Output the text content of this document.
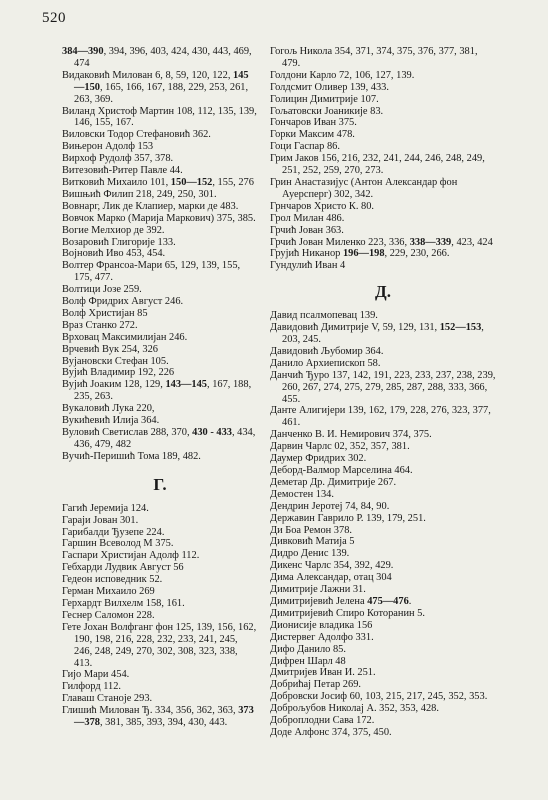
520
384—390, 394, 396, 403, 424, 430, 443, 469, 474
Видаковић Милован 6, 8, 59, 120, 122, 145—150, 165, 166, 167, 188, 229, 253, 261, 263, 369.
Виланд Христоф Мартин 108, 112, 135, 139, 146, 155, 167.
Виловски Тодор Стефановић 362.
Вињерон Адолф 153
Вирхоф Рудолф 357, 378.
Витезовић-Ритер Павле 44.
Витковић Михаило 101, 150—152, 155, 276
Вишњић Филип 218, 249, 250, 301.
Вовнарг, Лик де Клапиер, марки де 483.
Вовчок Марко (Марија Маркович) 375, 385.
Вогие Мелхиор де 392.
Возаровић Глигорије 133.
Војновић Иво 453, 454.
Волтер Франсоа-Мари 65, 129, 139, 155, 175, 477.
Волтици Јозе 259.
Волф Фридрих Август 246.
Волф Христијан 85
Враз Станко 272.
Врховац Максимилијан 246.
Врчевић Вук 254, 326
Вујановски Стефан 105.
Вујић Владимир 192, 226
Вујић Јоаким 128, 129, 143—145, 167, 188, 235, 263.
Вукаловић Лука 220,
Вукићевић Илија 364.
Вуловић Светислав 288, 370, 430 - 433, 434, 436, 479, 482
Вучић-Перишић Тома 189, 482.
Г.
Гагић Јеремија 124.
Гараји Јован 301.
Гарибалди Ђузепе 224.
Гаршин Всеволод М 375.
Гаспари Христијан Адолф 112.
Гебхарди Лудвик Август 56
Гедеон исповедник 52.
Герман Михаило 269
Герхардт Вилхелм 158, 161.
Геснер Саломон 228.
Гете Јохан Волфганг фон 125, 139, 156, 162, 190, 198, 216, 228, 232, 233, 241, 245, 246, 248, 249, 270, 302, 308, 323, 338, 413.
Гијо Мари 454.
Гилфорд 112.
Главаш Станоје 293.
Глишић Милован Ђ. 334, 356, 362, 363, 373—378, 381, 385, 393, 394, 430, 443.
Гогољ Никола 354, 371, 374, 375, 376, 377, 381, 479.
Голдони Карло 72, 106, 127, 139.
Голдсмит Оливер 139, 433.
Голицин Димитрије 107.
Гољатовски Јоаникије 83.
Гончаров Иван 375.
Горки Максим 478.
Гоци Гаспар 86.
Грим Јаков 156, 216, 232, 241, 244, 246, 248, 249, 251, 252, 259, 270, 273.
Грин Анастазијус (Антон Александар фон Ауерсперг) 302, 342.
Грнчаров Христо К. 80.
Грол Милан 486.
Грчић Јован 363.
Грчић Јован Миленко 223, 336, 338—339, 423, 424
Грујић Никанор 196—198, 229, 230, 266.
Гундулић Иван 4
Д.
Давид псалмопевац 139.
Давидовић Димитрије V, 59, 129, 131, 152—153, 203, 245.
Давидовић Љубомир 364.
Данило Архиепископ 58.
Данчић Ђуро 137, 142, 191, 223, 233, 237, 238, 239, 260, 267, 274, 275, 279, 285, 287, 288, 333, 366, 455.
Данте Алигијери 139, 162, 179, 228, 276, 323, 377, 461.
Данченко В. И. Немирович 374, 375.
Дарвин Чарлс 02, 352, 357, 381.
Даумер Фридрих 302.
Деборд-Валмор Марселина 464.
Деметар Др. Димитрије 267.
Демостен 134.
Дендрин Јеротеј 74, 84, 90.
Державин Гаврило Р. 139, 179, 251.
Ди Боа Ремон 378.
Дивковић Матија 5
Дидро Денис 139.
Дикенс Чарлс 354, 392, 429.
Дима Александар, отац 304
Димитрије Лажни 31.
Димитријевић Јелена 475—476.
Димитријевић Спиро Которанин 5.
Дионисије владика 156
Дистервег Адолфо 331.
Дифо Данило 85.
Дифрен Шарл 48
Дмитријев Иван И. 251.
Добрићај Петар 269.
Добровски Јосиф 60, 103, 215, 217, 245, 352, 353.
Доброљубов Николај А. 352, 353, 428.
Доброплодни Сава 172.
Доде Алфонс 374, 375, 450.
